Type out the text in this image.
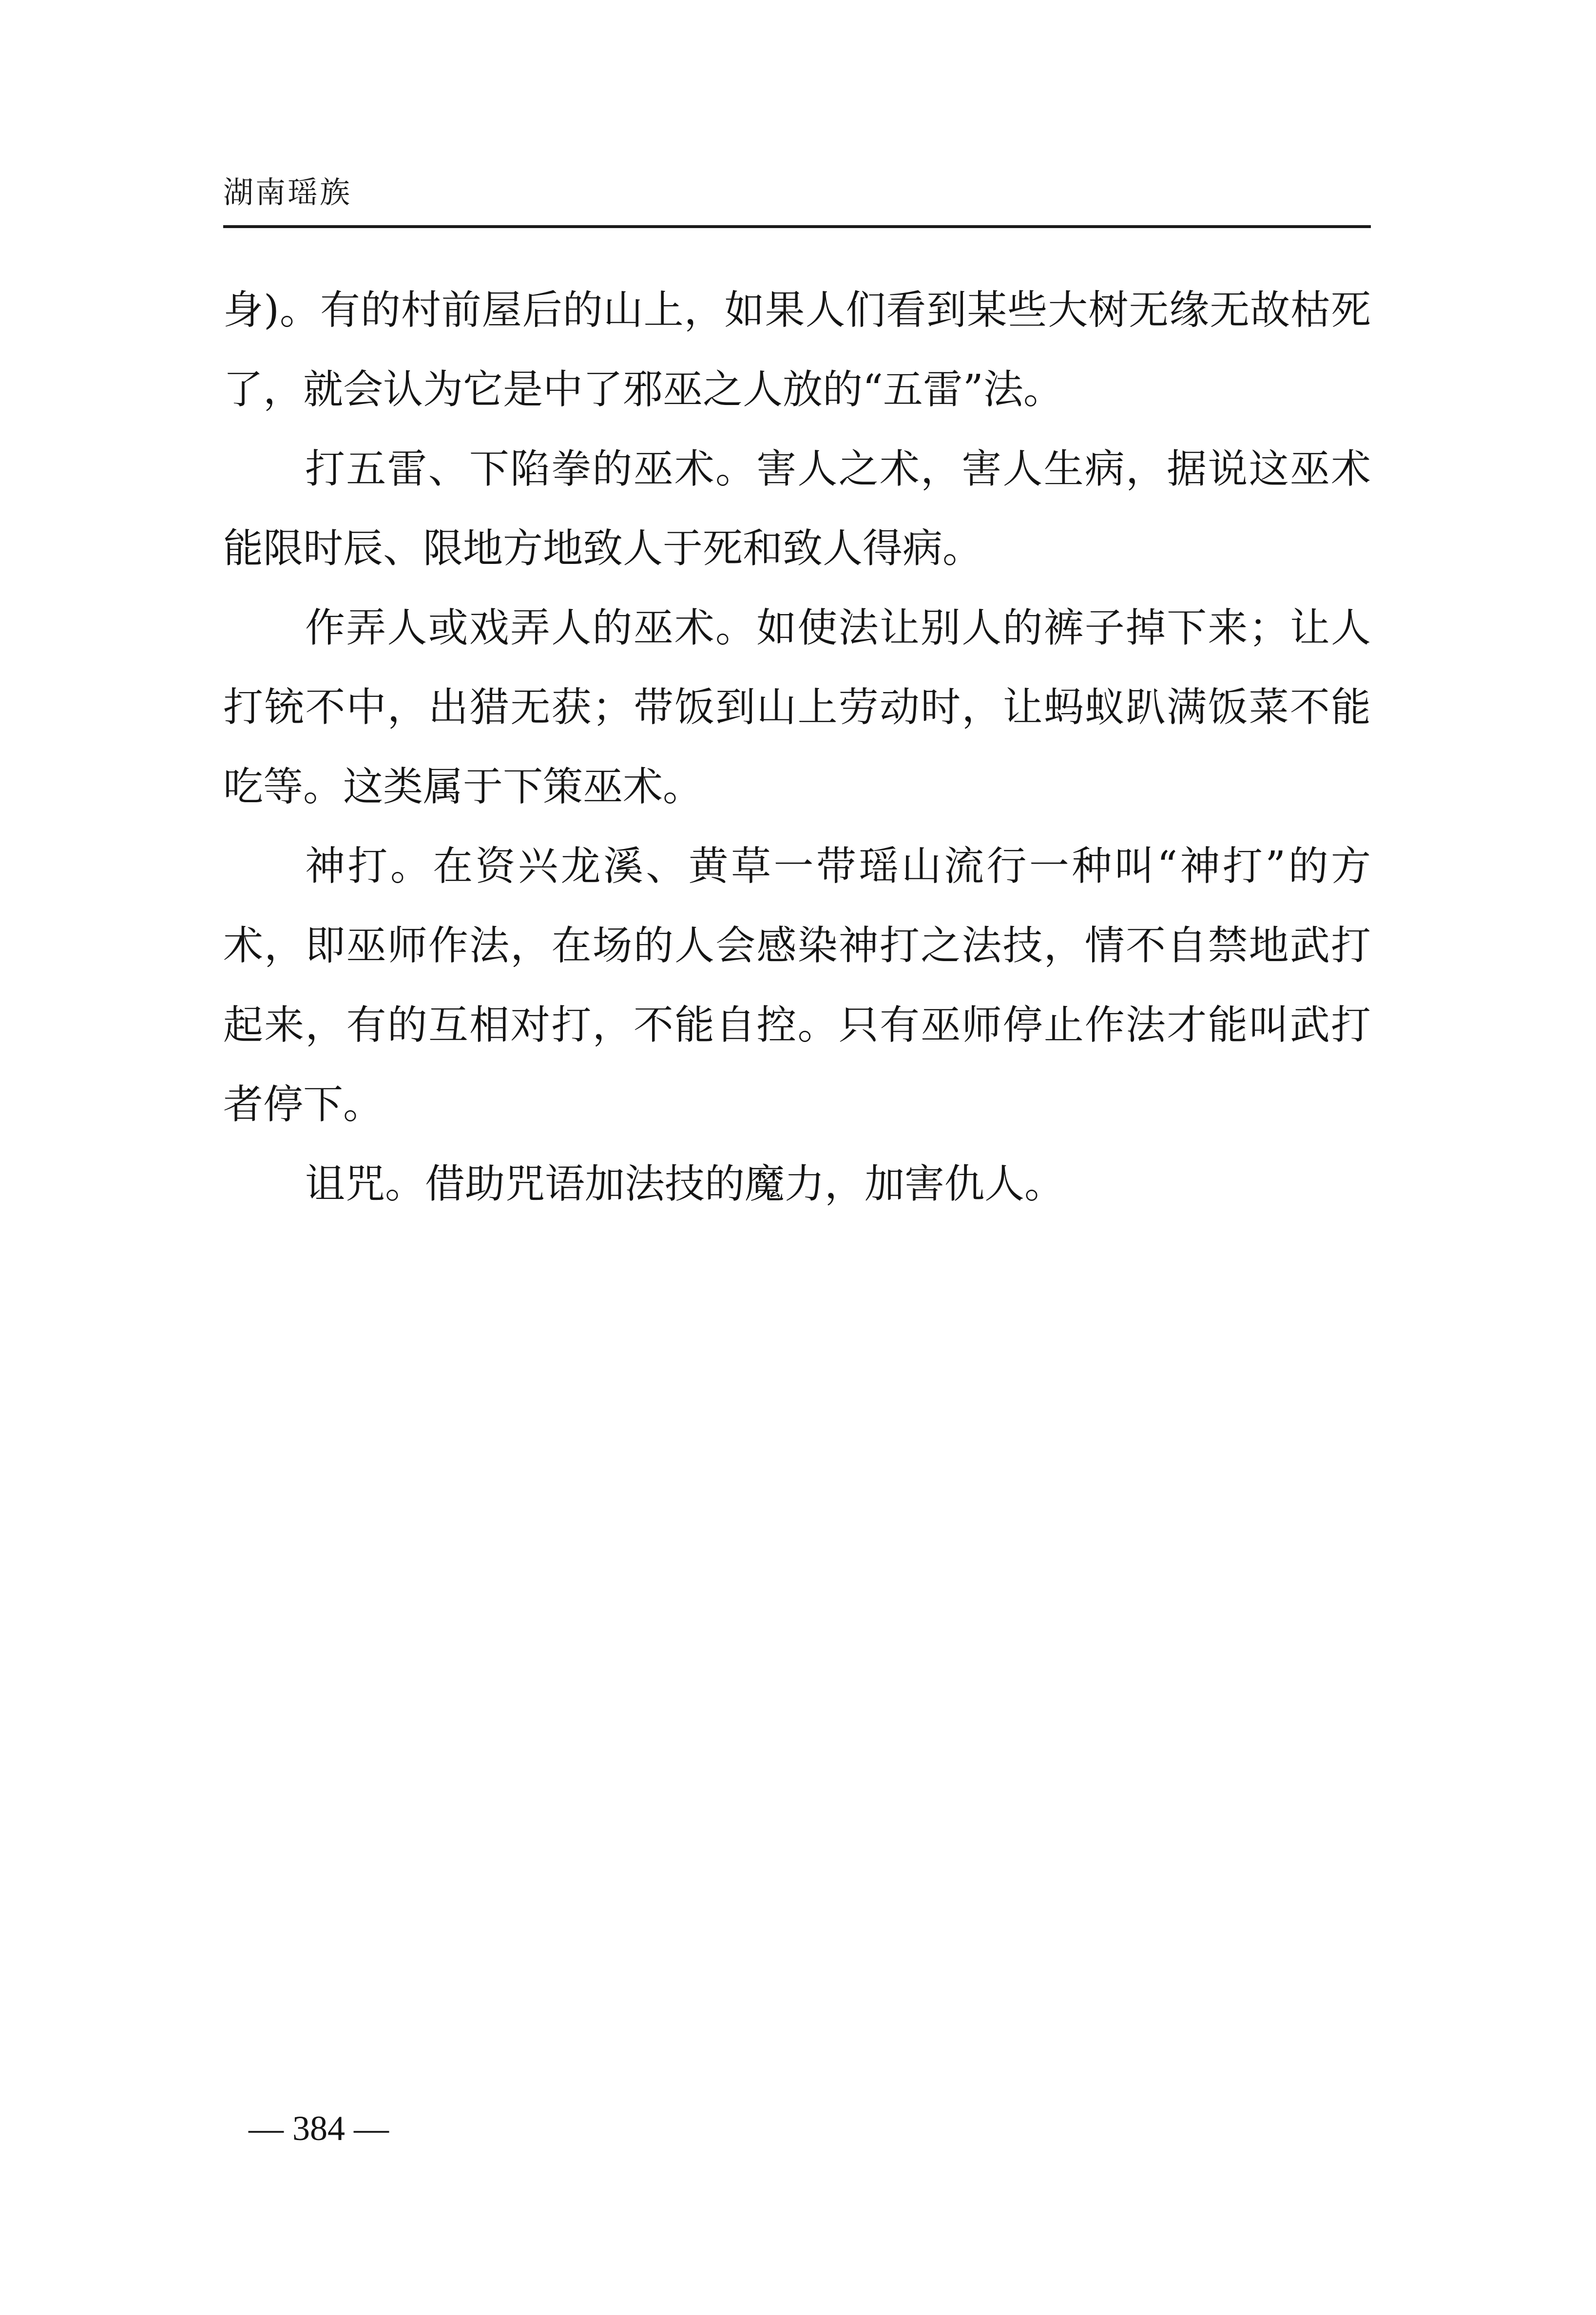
湖南瑶族

身)。有的村前屋后的山上，如果人们看到某些大树无缘无故枯死了，就会认为它是中了邪巫之人放的“五雷”法。

打五雷、下陷拳的巫术。害人之术，害人生病，据说这巫术能限时辰、限地方地致人于死和致人得病。

作弄人或戏弄人的巫术。如使法让别人的裤子掉下来；让人打铳不中，出猎无获；带饭到山上劳动时，让蚂蚁趴满饭菜不能吃等。这类属于下策巫术。

神打。在资兴龙溪、黄草一带瑶山流行一种叫“神打”的方术，即巫师作法，在场的人会感染神打之法技，情不自禁地武打起来，有的互相对打，不能自控。只有巫师停止作法才能叫武打者停下。

诅咒。借助咒语加法技的魔力，加害仇人。

— 384 —
